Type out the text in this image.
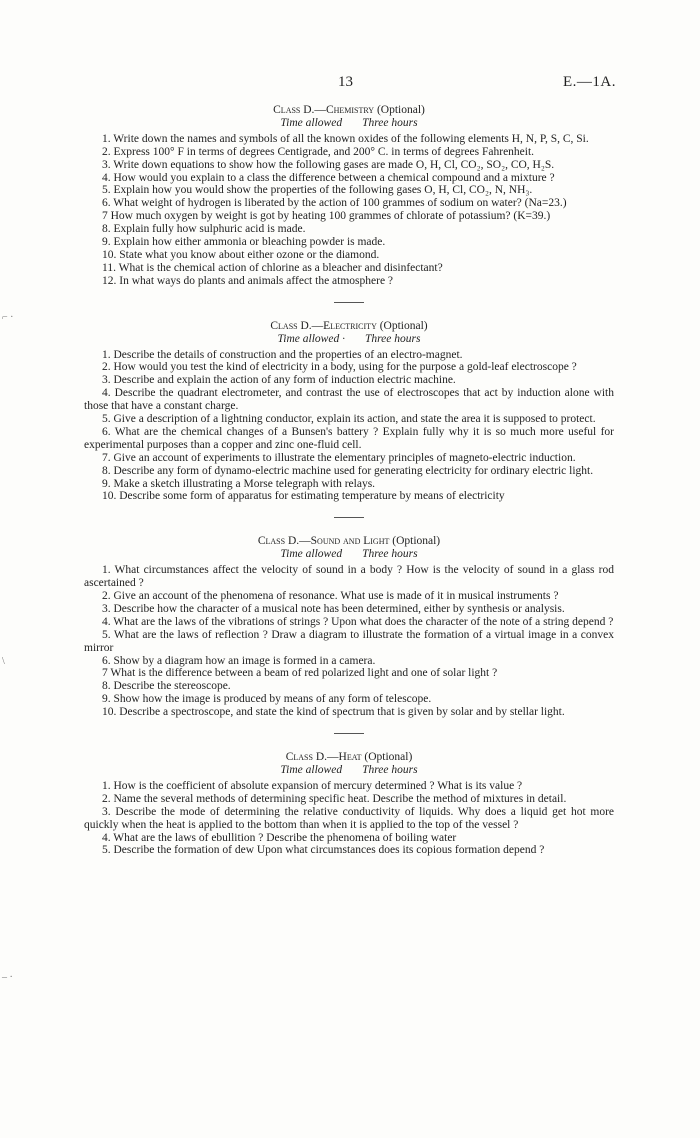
13	E.—1A.
⌐ ·
\
– ·

Class D.—Chemistry (Optional)

Time allowed Three hours

1. Write down the names and symbols of all the known oxides of the following elements H, N, P, S, C, Si.

2. Express 100° F in terms of degrees Centigrade, and 200° C. in terms of degrees Fahrenheit.

3. Write down equations to show how the following gases are made O, H, Cl, CO₂, SO₂, CO, H₂S.

4. How would you explain to a class the difference between a chemical compound and a mixture ?

5. Explain how you would show the properties of the following gases O, H, Cl, CO₂, N, NH₃.

6. What weight of hydrogen is liberated by the action of 100 grammes of sodium on water? (Na=23.)

7 How much oxygen by weight is got by heating 100 grammes of chlorate of potassium? (K=39.)

8. Explain fully how sulphuric acid is made.

9. Explain how either ammonia or bleaching powder is made.

10. State what you know about either ozone or the diamond.

11. What is the chemical action of chlorine as a bleacher and disinfectant?

12. In what ways do plants and animals affect the atmosphere ?

Class D.—Electricity (Optional)

Time allowed · Three hours

1. Describe the details of construction and the properties of an electro-magnet.

2. How would you test the kind of electricity in a body, using for the purpose a gold-leaf electroscope ?

3. Describe and explain the action of any form of induction electric machine.

4. Describe the quadrant electrometer, and contrast the use of electroscopes that act by induction alone with those that have a constant charge.

5. Give a description of a lightning conductor, explain its action, and state the area it is supposed to protect.

6. What are the chemical changes of a Bunsen's battery ? Explain fully why it is so much more useful for experimental purposes than a copper and zinc one-fluid cell.

7. Give an account of experiments to illustrate the elementary principles of magneto-electric induction.

8. Describe any form of dynamo-electric machine used for generating electricity for ordinary electric light.

9. Make a sketch illustrating a Morse telegraph with relays.

10. Describe some form of apparatus for estimating temperature by means of electricity

Class D.—Sound and Light (Optional)

Time allowed Three hours

1. What circumstances affect the velocity of sound in a body ? How is the velocity of sound in a glass rod ascertained ?

2. Give an account of the phenomena of resonance. What use is made of it in musical instruments ?

3. Describe how the character of a musical note has been determined, either by synthesis or analysis.

4. What are the laws of the vibrations of strings ? Upon what does the character of the note of a string depend ?

5. What are the laws of reflection ? Draw a diagram to illustrate the formation of a virtual image in a convex mirror

6. Show by a diagram how an image is formed in a camera.

7 What is the difference between a beam of red polarized light and one of solar light ?

8. Describe the stereoscope.

9. Show how the image is produced by means of any form of telescope.

10. Describe a spectroscope, and state the kind of spectrum that is given by solar and by stellar light.

Class D.—Heat (Optional)

Time allowed Three hours

1. How is the coefficient of absolute expansion of mercury determined ? What is its value ?

2. Name the several methods of determining specific heat. Describe the method of mixtures in detail.

3. Describe the mode of determining the relative conductivity of liquids. Why does a liquid get hot more quickly when the heat is applied to the bottom than when it is applied to the top of the vessel ?

4. What are the laws of ebullition ? Describe the phenomena of boiling water

5. Describe the formation of dew Upon what circumstances does its copious formation depend ?
